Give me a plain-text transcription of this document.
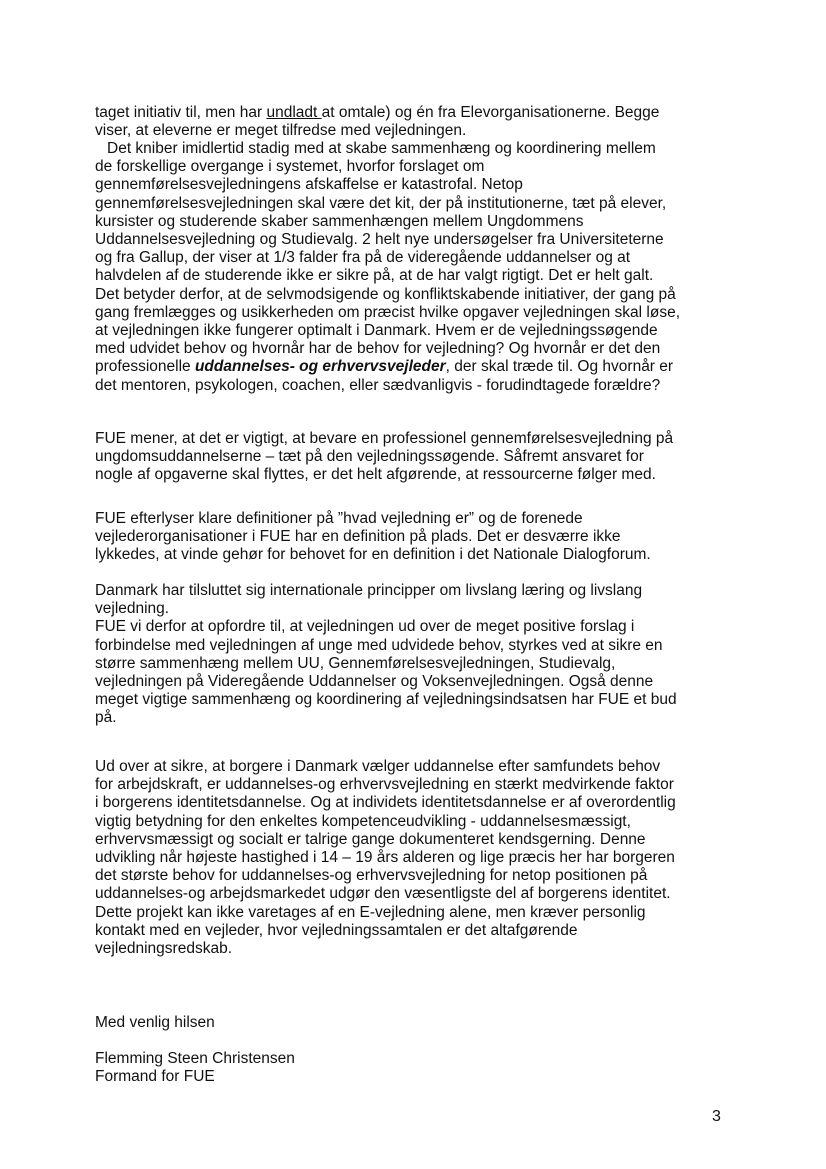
taget initiativ til, men har undladt at omtale) og én fra Elevorganisationerne. Begge
viser, at eleverne er meget tilfredse med vejledningen.
Det kniber imidlertid stadig med at skabe sammenhæng og koordinering mellem
de forskellige overgange i systemet, hvorfor forslaget om
gennemførelsesvejledningens afskaffelse er katastrofal. Netop
gennemførelsesvejledningen skal være det kit, der på institutionerne, tæt på elever,
kursister og studerende skaber sammenhængen mellem Ungdommens
Uddannelsesvejledning og Studievalg. 2 helt nye undersøgelser fra Universiteterne
og fra Gallup, der viser at 1/3 falder fra på de videregående uddannelser og at
halvdelen af de studerende ikke er sikre på, at de har valgt rigtigt. Det er helt galt.
Det betyder derfor, at de selvmodsigende og konfliktskabende initiativer, der gang på
gang fremlægges og usikkerheden om præcist hvilke opgaver vejledningen skal løse,
at vejledningen ikke fungerer optimalt i Danmark. Hvem er de vejledningssøgende
med udvidet behov og hvornår har de behov for vejledning? Og hvornår er det den
professionelle uddannelses- og erhvervsvejleder, der skal træde til. Og hvornår er
det mentoren, psykologen, coachen, eller sædvanligvis - forudindtagede forældre?
FUE mener, at det er vigtigt, at bevare en professionel gennemførelsesvejledning på
ungdomsuddannelserne – tæt på den vejledningssøgende. Såfremt ansvaret for
nogle af opgaverne skal flyttes, er det helt afgørende, at ressourcerne følger med.
FUE efterlyser klare definitioner på ”hvad vejledning er” og de forenede
vejlederorganisationer i FUE har en definition på plads. Det er desværre ikke
lykkedes, at vinde gehør for behovet for en definition i det Nationale Dialogforum.
Danmark har tilsluttet sig internationale principper om livslang læring og livslang
vejledning.
FUE vi derfor at opfordre til, at vejledningen ud over de meget positive forslag i
forbindelse med vejledningen af unge med udvidede behov, styrkes ved at sikre en
større sammenhæng mellem UU, Gennemførelsesvejledningen, Studievalg,
vejledningen på Videregående Uddannelser og Voksenvejledningen. Også denne
meget vigtige sammenhæng og koordinering af vejledningsindsatsen har FUE et bud
på.
Ud over at sikre, at borgere i Danmark vælger uddannelse efter samfundets behov
for arbejdskraft, er uddannelses-og erhvervsvejledning en stærkt medvirkende faktor
i borgerens identitetsdannelse. Og at individets identitetsdannelse er af overordentlig
vigtig betydning for den enkeltes kompetenceudvikling - uddannelsesmæssigt,
erhvervsmæssigt og socialt er talrige gange dokumenteret kendsgerning. Denne
udvikling når højeste hastighed i 14 – 19 års alderen og lige præcis her har borgeren
det største behov for uddannelses-og erhvervsvejledning for netop positionen på
uddannelses-og arbejdsmarkedet udgør den væsentligste del af borgerens identitet.
Dette projekt kan ikke varetages af en E-vejledning alene, men kræver personlig
kontakt med en vejleder, hvor vejledningssamtalen er det altafgørende
vejledningsredskab.
Med venlig hilsen
Flemming Steen Christensen
Formand for FUE
3
